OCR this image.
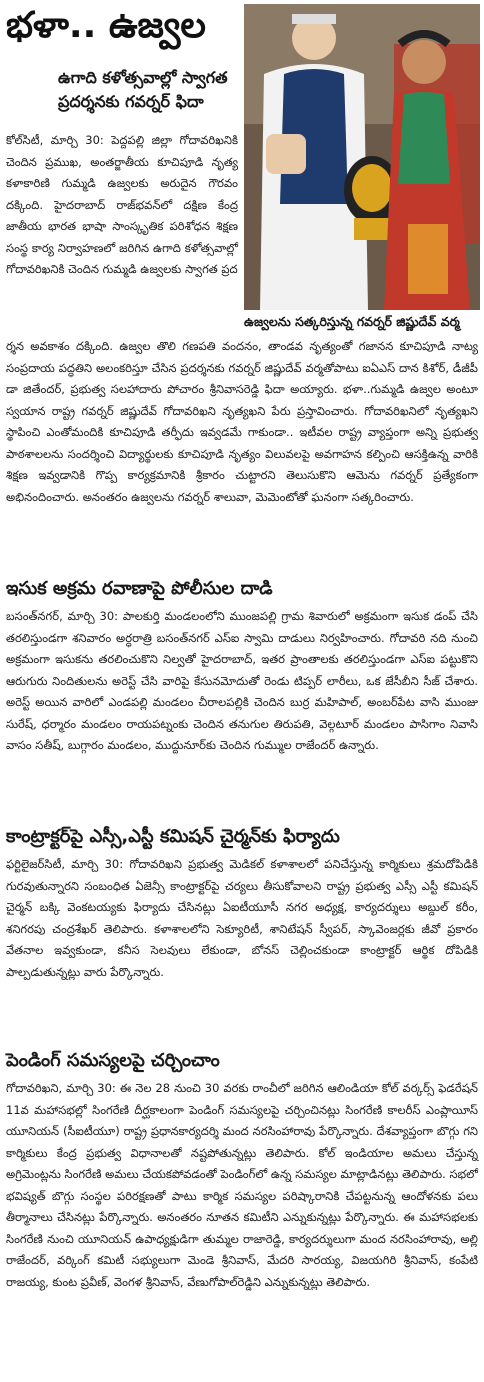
భళా.. ఉజ్వల
ఉగాది కళోత్సవాల్లో స్వాగత ప్రదర్శనకు గవర్నర్ ఫిదా
ఉజ్వలను సత్కరిస్తున్న గవర్నర్ జిష్ణుదేవ్ వర్మ

కోల్‌సిటీ, మార్చి 30: పెద్దపల్లి జిల్లా గోదావరిఖనికి చెందిన ప్రముఖ, అంతర్జాతీయ కూచిపూడి నృత్య కళాకారిణి గుమ్మడి ఉజ్వలకు అరుదైన గౌరవం దక్కింది. హైదరాబాద్ రాజ్‌భవన్‌లో దక్షిణ కేంద్ర జాతీయ భారత భాషా సాంస్కృతిక పరిశోధన శిక్షణ సంస్థ కార్య నిర్వాహణలో జరిగిన ఉగాది కళోత్సవాల్లో గోదావరిఖనికి చెందిన గుమ్మడి ఉజ్వలకు స్వాగత ప్రద

ర్శన అవకాశం దక్కింది. ఉజ్వల తొలి గణపతి వందనం, తాండవ నృత్యంతో గజానన కూచిపూడి నాట్య సంప్రదాయ పద్ధతిని అలంకరిస్తూ చేసిన ప్రదర్శనకు గవర్నర్ జిష్ణుదేవ్ వర్మతోపాటు ఐఏఎస్ దాన కిశోర్, డీజీపీ డా జితేందర్, ప్రభుత్వ సలహాదారు పోచారం శ్రీనివాసరెడ్డి ఫిదా అయ్యారు. భళా..గుమ్మడి ఉజ్వల అంటూ స్వయాన రాష్ట్ర గవర్నర్ జిష్ణుదేవ్ గోదావరిఖని నృత్యఖని పేరు ప్రస్తావించారు. గోదావరిఖనిలో నృత్యఖని స్థాపించి ఎంతోమందికి కూచిపూడి తర్ఫీదు ఇవ్వడమే గాకుండా.. ఇటీవల రాష్ట్ర వ్యాప్తంగా అన్ని ప్రభుత్వ పాఠశాలలను సందర్శించి విద్యార్థులకు కూచిపూడి నృత్యం విలువలపై అవగాహన కల్పించి ఆసక్తిఉన్న వారికి శిక్షణ ఇవ్వడానికి గొప్ప కార్యక్రమానికి శ్రీకారం చుట్టారని తెలుసుకొని ఆమెను గవర్నర్ ప్రత్యేకంగా అభినందించారు. అనంతరం ఉజ్వలను గవర్నర్ శాలువా, మెమెంటోతో ఘనంగా సత్కరించారు.

ఇసుక అక్రమ రవాణాపై పోలీసుల దాడి

బసంత్‌నగర్, మార్చి 30: పాలకుర్తి మండలంలోని ముంజపల్లి గ్రామ శివారులో అక్రమంగా ఇసుక డంప్ చేసి తరలిస్తుండగా శనివారం అర్ధరాత్రి బసంత్‌నగర్ ఎస్ఐ స్వామి దాడులు నిర్వహించారు. గోదావరి నది నుంచి అక్రమంగా ఇసుకను తరలించుకొని నిల్వతో హైదరాబాద్, ఇతర ప్రాంతాలకు తరలిస్తుండగా ఎస్ఐ పట్టుకొని ఆరుగురు నిందితులను అరెస్ట్ చేసి వారిపై కేసునమోదుతో రెండు టిప్పర్ లారీలు, ఒక జేసీబీని సీజ్ చేశారు. అరెస్ట్ అయిన వారిలో ఎండపల్లి మండలం చీరాలపల్లికి చెందిన బుర్ర మహిపాల్, అంబర్‌పేట వాసి ముంజు సురేష్, ధర్మారం మండలం రాయపట్నంకు చెందిన తనుగుల తిరుపతి, వెల్గటూర్ మండలం పాసిగాం నివాసి వాసం సతీష్, బుగ్గారం మండలం, ముద్దునూర్‌కు చెందిన గుమ్ముల రాజేందర్ ఉన్నారు.

కాంట్రాక్టర్‌పై ఎస్సీ,ఎస్టీ కమిషన్ చైర్మన్‌కు ఫిర్యాదు

ఫర్టిలైజర్‌సిటీ, మార్చి 30: గోదావరిఖని ప్రభుత్వ మెడికల్ కళాశాలలో పనిచేస్తున్న కార్మికులు శ్రమదోపిడికి గురవుతున్నారని సంబంధిత ఏజెన్సీ కాంట్రాక్టర్‌పై చర్యలు తీసుకోవాలని రాష్ట్ర ప్రభుత్వ ఎస్సీ ఎస్టీ కమిషన్ చైర్మన్ బక్కి వెంకటయ్యకు ఫిర్యాదు చేసినట్లు ఏఐటీయూసీ నగర అధ్యక్ష, కార్యదర్శులు అబ్దుల్ కరీం, శనిగరపు చంద్రశేఖర్ తెలిపారు. కళాశాలలోని సెక్యూరిటీ, శానిటేషన్ స్వీపర్, స్కావెంజర్లకు జీవో ప్రకారం వేతనాల ఇవ్వకుండా, కనీస సెలవులు లేకుండా, బోనస్ చెల్లించకుండా కాంట్రాక్టర్ ఆర్థిక దోపిడికి పాల్పడుతున్నట్లు వారు పేర్కొన్నారు.

పెండింగ్ సమస్యలపై చర్చించాం

గోదావరిఖని, మార్చి 30: ఈ నెల 28 నుంచి 30 వరకు రాంచీలో జరిగిన ఆలిండియా కోల్ వర్కర్స్ ఫెడరేషన్ 11వ మహాసభల్లో సింగరేణి దీర్ఘకాలంగా పెండింగ్ సమస్యలపై చర్చించినట్లు సింగరేణి కాలరీస్ ఎంప్లాయీస్ యూనియన్ (సీఐటీయూ) రాష్ట్ర ప్రధానకార్యదర్శి మంద నరసింహారావు పేర్కొన్నారు. దేశవ్యాప్తంగా బొగ్గు గని కార్మికులు కేంద్ర ప్రభుత్వ విధానాలతో నష్టపోతున్నట్లు తెలిపారు. కోల్ ఇండియాల అమలు చేస్తున్న అగ్రిమెంట్లను సింగరేణి అమలు చేయకపోవడంతో పెండింగ్‌లో ఉన్న సమస్యల మాట్లాడినట్లు తెలిపారు. సభలో భవిష్యత్ బొగ్గు సంస్థల పరిరక్షణతో పాటు కార్మిక సమస్యల పరిష్కారానికి చేపట్టనున్న ఆందోళనకు పలు తీర్మానాలు చేసినట్లు పేర్కొన్నారు. అనంతరం నూతన కమిటీని ఎన్నుకున్నట్లు పేర్కొన్నారు. ఈ మహాసభలకు సింగరేణి నుంచి యూనియన్ ఉపాధ్యక్షుడిగా తుమ్మల రాజారెడ్డి, కార్యదర్శులుగా మంద నరసింహారావు, అల్లి రాజేందర్, వర్కింగ్ కమిటీ సభ్యులుగా మెండె శ్రీనివాస్, మేదరి సారయ్య, విజయగిరి శ్రీనివాస్, కంపేటి రాజయ్య, కుంట ప్రవీణ్, వెంగళ శ్రీనివాస్, వేణుగోపాల్‌రెడ్డిని ఎన్నుకున్నట్లు తెలిపారు.
